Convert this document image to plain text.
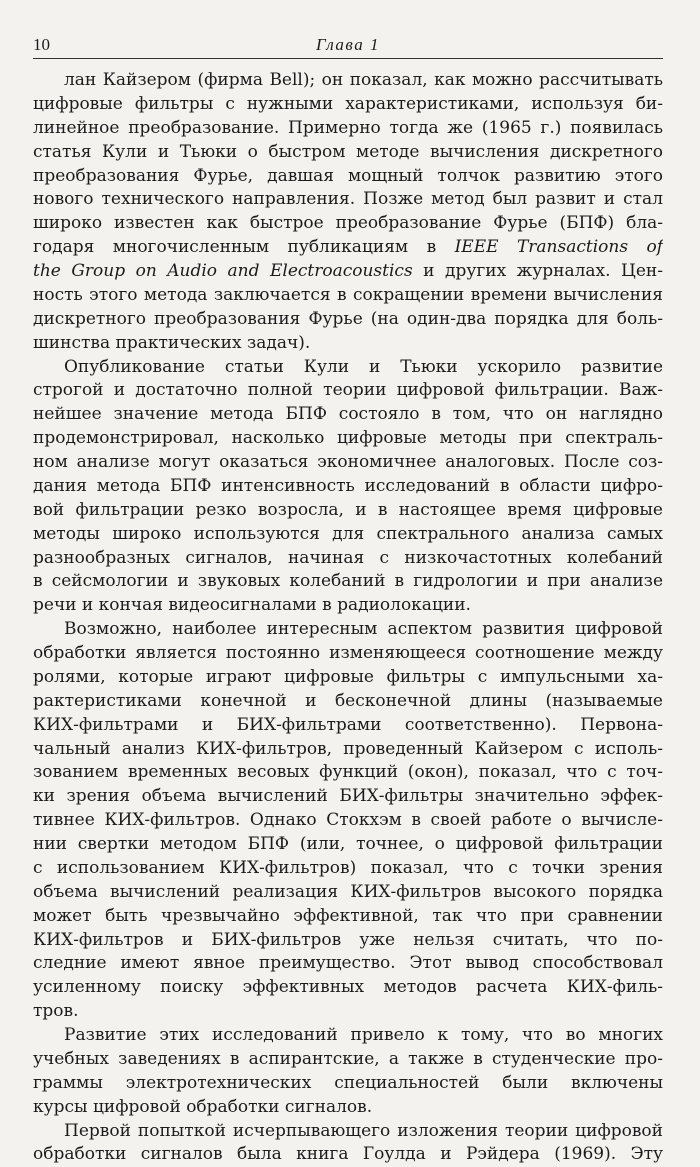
10	Глава 1
лан Кайзером (фирма Bell); он показал, как можно рассчитывать
цифровые фильтры с нужными характеристиками, используя би-
линейное преобразование. Примерно тогда же (1965 г.) появилась
статья Кули и Тьюки о быстром методе вычисления дискретного
преобразования Фурье, давшая мощный толчок развитию этого
нового технического направления. Позже метод был развит и стал
широко известен как быстрое преобразование Фурье (БПФ) бла-
годаря многочисленным публикациям в IEEE Transactions of
the Group on Audio and Electroacoustics и других журналах. Цен-
ность этого метода заключается в сокращении времени вычисления
дискретного преобразования Фурье (на один-два порядка для боль-
шинства практических задач).
Опубликование статьи Кули и Тьюки ускорило развитие
строгой и достаточно полной теории цифровой фильтрации. Важ-
нейшее значение метода БПФ состояло в том, что он наглядно
продемонстрировал, насколько цифровые методы при спектраль-
ном анализе могут оказаться экономичнее аналоговых. После соз-
дания метода БПФ интенсивность исследований в области цифро-
вой фильтрации резко возросла, и в настоящее время цифровые
методы широко используются для спектрального анализа самых
разнообразных сигналов, начиная с низкочастотных колебаний
в сейсмологии и звуковых колебаний в гидрологии и при анализе
речи и кончая видеосигналами в радиолокации.
Возможно, наиболее интересным аспектом развития цифровой
обработки является постоянно изменяющееся соотношение между
ролями, которые играют цифровые фильтры с импульсными ха-
рактеристиками конечной и бесконечной длины (называемые
КИХ-фильтрами и БИХ-фильтрами соответственно). Первона-
чальный анализ КИХ-фильтров, проведенный Кайзером с исполь-
зованием временных весовых функций (окон), показал, что с точ-
ки зрения объема вычислений БИХ-фильтры значительно эффек-
тивнее КИХ-фильтров. Однако Стокхэм в своей работе о вычисле-
нии свертки методом БПФ (или, точнее, о цифровой фильтрации
с использованием КИХ-фильтров) показал, что с точки зрения
объема вычислений реализация КИХ-фильтров высокого порядка
может быть чрезвычайно эффективной, так что при сравнении
КИХ-фильтров и БИХ-фильтров уже нельзя считать, что по-
следние имеют явное преимущество. Этот вывод способствовал
усиленному поиску эффективных методов расчета КИХ-филь-
тров.
Развитие этих исследований привело к тому, что во многих
учебных заведениях в аспирантские, а также в студенческие про-
граммы электротехнических специальностей были включены
курсы цифровой обработки сигналов.
Первой попыткой исчерпывающего изложения теории цифровой
обработки сигналов была книга Гоулда и Рэйдера (1969). Эту
